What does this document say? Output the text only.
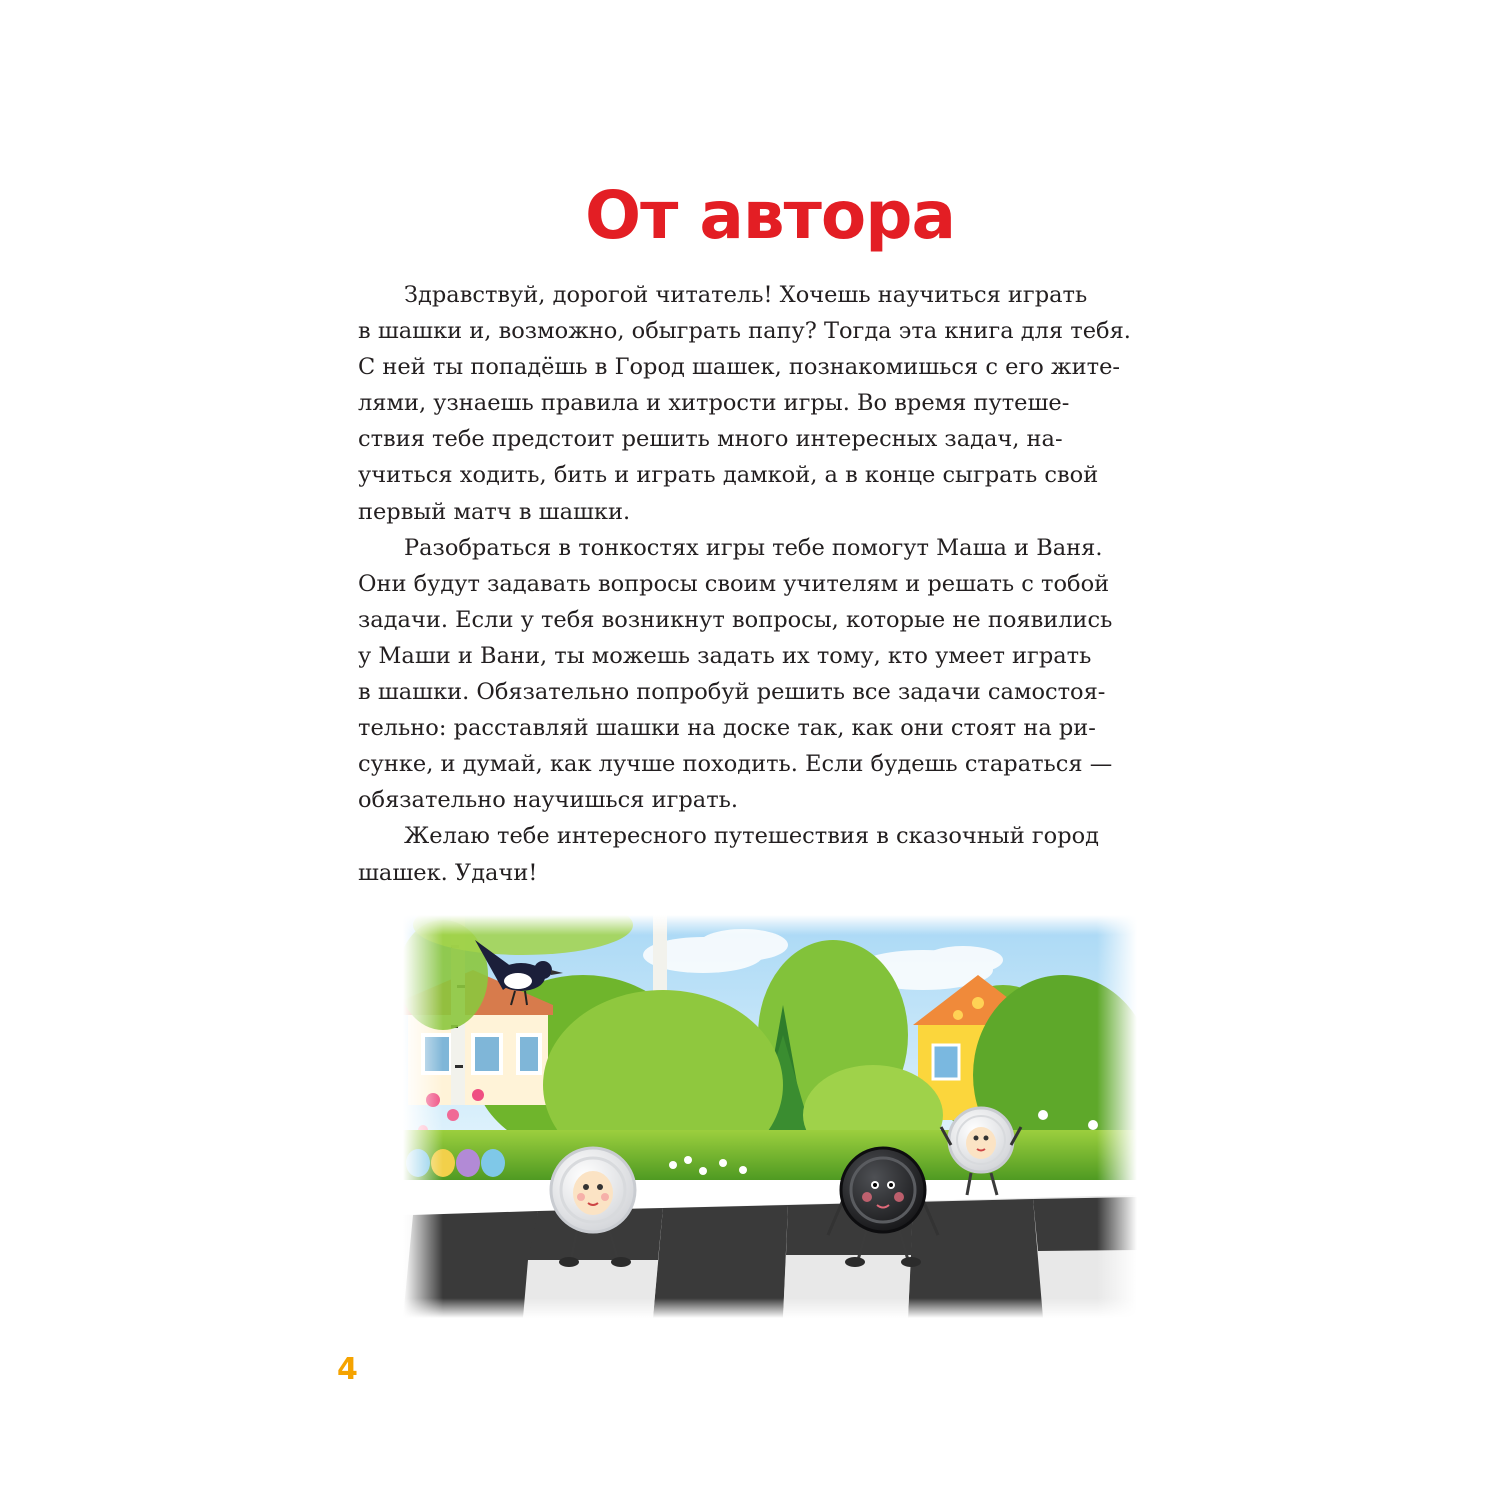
От автора

Здравствуй, дорогой читатель! Хочешь научиться играть
в шашки и, возможно, обыграть папу? Тогда эта книга для тебя.
С ней ты попадёшь в Город шашек, познакомишься с его жите-
лями, узнаешь правила и хитрости игры. Во время путеше-
ствия тебе предстоит решить много интересных задач, на-
учиться ходить, бить и играть дамкой, а в конце сыграть свой
первый матч в шашки.

Разобраться в тонкостях игры тебе помогут Маша и Ваня.
Они будут задавать вопросы своим учителям и решать с тобой
задачи. Если у тебя возникнут вопросы, которые не появились
у Маши и Вани, ты можешь задать их тому, кто умеет играть
в шашки. Обязательно попробуй решить все задачи самостоя-
тельно: расставляй шашки на доске так, как они стоят на ри-
сунке, и думай, как лучше походить. Если будешь стараться —
обязательно научишься играть.

Желаю тебе интересного путешествия в сказочный город
шашек. Удачи!

4
